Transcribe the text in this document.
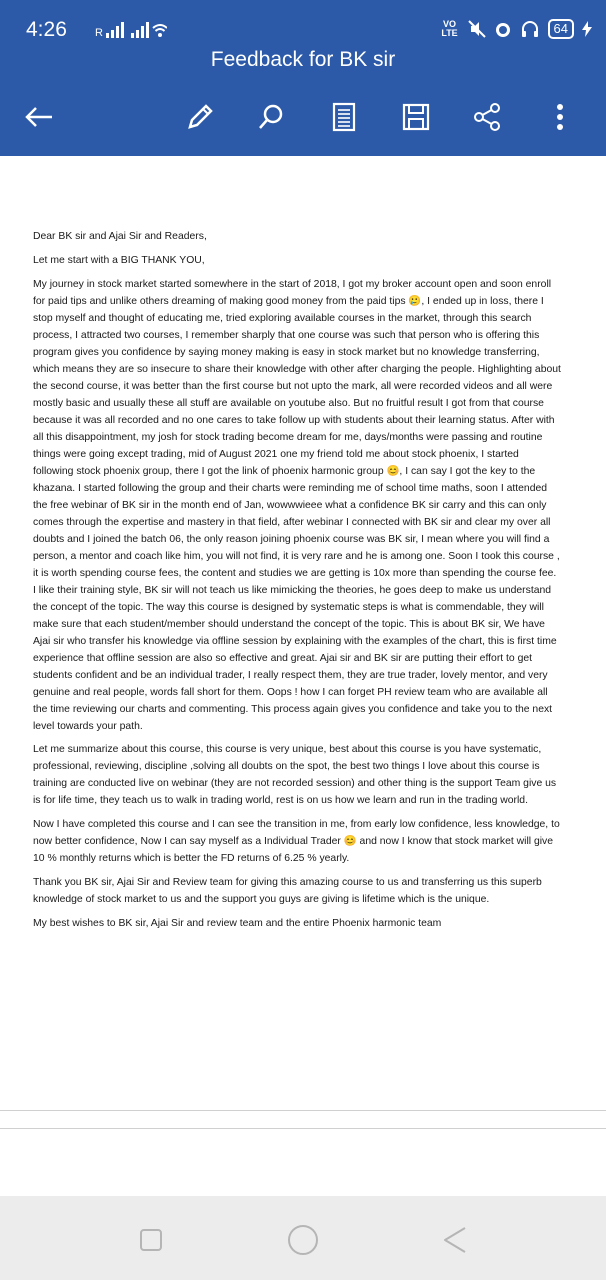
4:26	R
VO LTE	64
Feedback for BK sir

Dear BK sir and Ajai Sir and Readers,

Let me start with a BIG THANK YOU,

My journey in stock market started somewhere in the start of 2018, I got my broker account open and soon enroll for paid tips and unlike others dreaming of making good money from the paid tips 🥲, I ended up in loss, there I stop myself and thought of educating me, tried exploring available courses in the market, through this search process, I attracted two courses, I remember sharply that one course was such that person who is offering this program gives you confidence by saying money making is easy in stock market but no knowledge transferring, which means they are so insecure to share their knowledge with other after charging the people. Highlighting about the second course, it was better than the first course but not upto the mark, all were recorded videos and all were mostly basic and usually these all stuff are available on youtube also. But no fruitful result I got from that course because it was all recorded and no one cares to take follow up with students about their learning status. After with all this disappointment, my josh for stock trading become dream for me, days/months were passing and routine things were going except trading, mid of August 2021 one my friend told me about stock phoenix, I started following stock phoenix group, there I got the link of phoenix harmonic group 😊, I can say I got the key to the khazana. I started following the group and their charts were reminding me of school time maths, soon I attended the free webinar of BK sir in the month end of Jan, wowwwieee what a confidence BK sir carry and this can only comes through the expertise and mastery in that field, after webinar I connected with BK sir and clear my over all doubts and I joined the batch 06, the only reason joining phoenix course was BK sir, I mean where you will find a person, a mentor and coach like him, you will not find, it is very rare and he is among one. Soon I took this course , it is worth spending course fees, the content and studies we are getting is 10x more than spending the course fee. I like their training style, BK sir will not teach us like mimicking the theories, he goes deep to make us understand the concept of the topic. The way this course is designed by systematic steps is what is commendable, they will make sure that each student/member should understand the concept of the topic. This is about BK sir, We have Ajai sir who transfer his knowledge via offline session by explaining with the examples of the chart, this is first time experience that offline session are also so effective and great. Ajai sir and BK sir are putting their effort to get students confident and be an individual trader, I really respect them, they are true trader, lovely mentor, and very genuine and real people, words fall short for them. Oops ! how I can forget PH review team who are available all the time reviewing our charts and commenting. This process again gives you confidence and take you to the next level towards your path.

Let me summarize about this course, this course is very unique, best about this course is you have systematic, professional, reviewing, discipline ,solving all doubts on the spot, the best two things I love about this course is training are conducted live on webinar (they are not recorded session) and other thing is the support Team give us is for life time, they teach us to walk in trading world, rest is on us how we learn and run in the trading world.

Now I have completed this course and I can see the transition in me, from early low confidence, less knowledge, to now better confidence, Now I can say myself as a Individual Trader 😊 and now I know that stock market will give 10 % monthly returns which is better the FD returns of 6.25 % yearly.

Thank you BK sir, Ajai Sir and Review team for giving this amazing course to us and transferring us this superb knowledge of stock market to us and the support you guys are giving is lifetime which is the unique.

My best wishes to BK sir, Ajai Sir and review team and the entire Phoenix harmonic team
